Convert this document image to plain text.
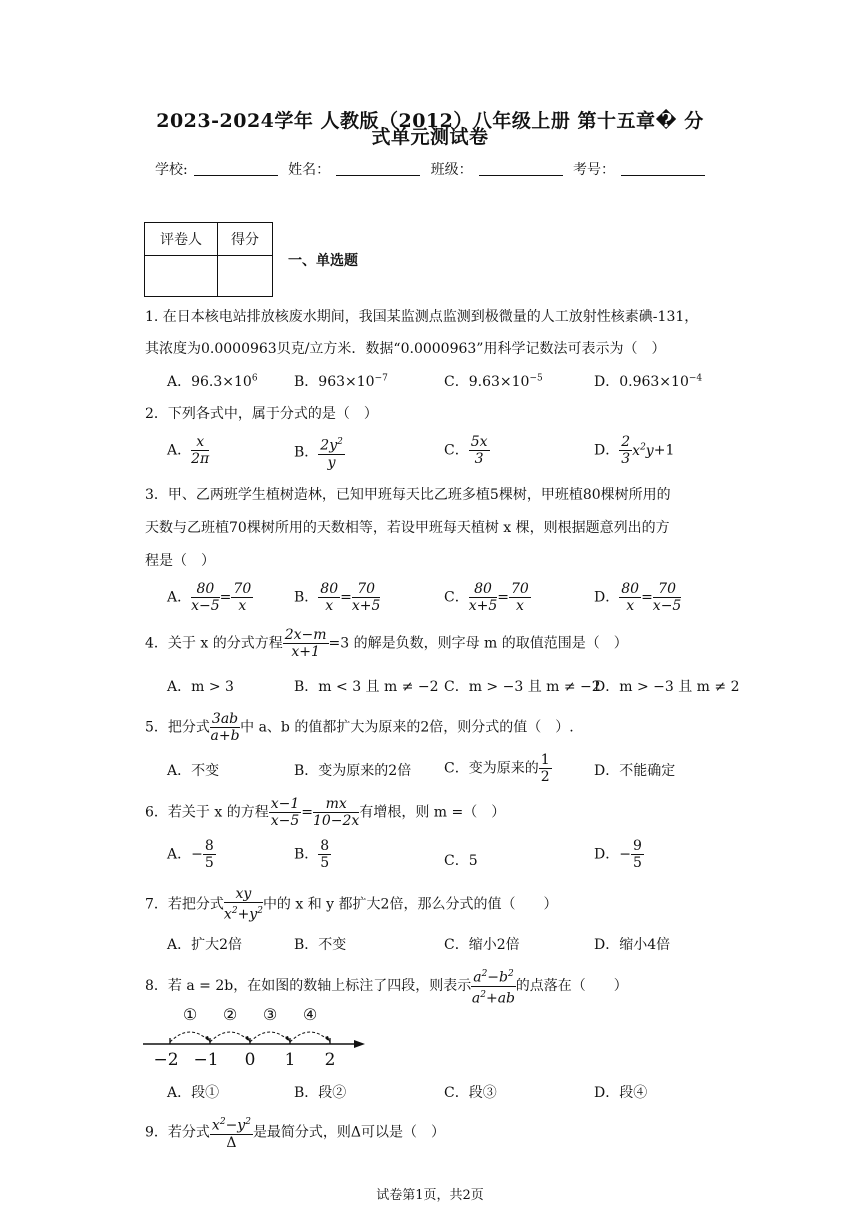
2023-2024学年 人教版（2012）八年级上册 第十五章� 分
式单元测试卷
学校:	姓名：	班级：	考号：
评卷人	得分

一、单选题
1. 在日本核电站排放核废水期间，我国某监测点监测到极微量的人工放射性核素碘-131，
其浓度为0.0000963贝克/立方米．数据“0.0000963”用科学记数法可表示为（　）
A．$96.3\times 10^6$	B．$963\times 10^{-7}$	C．$9.63\times 10^{-5}$	D．$0.963\times 10^{-4}$
2．下列各式中，属于分式的是（　）
A． $\frac{x}{2\pi}$	B． $\frac{2y^2}{y}$	C． $\frac{5x}{3}$	D． $\frac{2}{3} x^2y+1$
3．甲、乙两班学生植树造林，已知甲班每天比乙班多植5棵树，甲班植80棵树所用的
天数与乙班植70棵树所用的天数相等，若设甲班每天植树 x 棵，则根据题意列出的方
程是（　）
A． $\frac{80}{x-5} = \frac{70}{x}$	B． $\frac{80}{x} = \frac{70}{x+5}$	C． $\frac{80}{x+5} = \frac{70}{x}$	D． $\frac{80}{x} = \frac{70}{x-5}$
4．关于 x 的分式方程 $\frac{2x-m}{x+1} =3$ 的解是负数，则字母 m 的取值范围是（　）
A．m > 3	B．m < 3 且 m ≠ −2 C．m > −3 且 m ≠ −2
D．m > −3 且 m ≠ 2
5．把分式 $\frac{3ab}{a+b}$ 中 a、b 的值都扩大为原来的2倍，则分式的值（　）.
A．不变	B．变为原来的2倍 C．变为原来的 $\frac{1}{2}$	D．不能确定
6．若关于 x 的方程 $\frac{x-1}{x-5} = \frac{mx}{10-2x}$ 有增根，则 m =（　）
A．− $\frac{8}{5}$	B． $\frac{8}{5}$	C．5	D．− $\frac{9}{5}$
7．若把分式 $\frac{xy}{x^2+y^2}$ 中的 x 和 y 都扩大2倍，那么分式的值（　　）
A．扩大2倍	B．不变	C．缩小2倍	D．缩小4倍
8．若 a = 2b，在如图的数轴上标注了四段，则表示 $\frac{a^2-b^2}{a^2+ab}$ 的点落在（　　）
① ② ③ ④
−2 −1 0 1 2
A．段①	B．段②	C．段③	D．段④
9．若分式 $\frac{x^2-y^2}{\Delta}$ 是最简分式，则Δ可以是（　）
试卷第1页，共2页
